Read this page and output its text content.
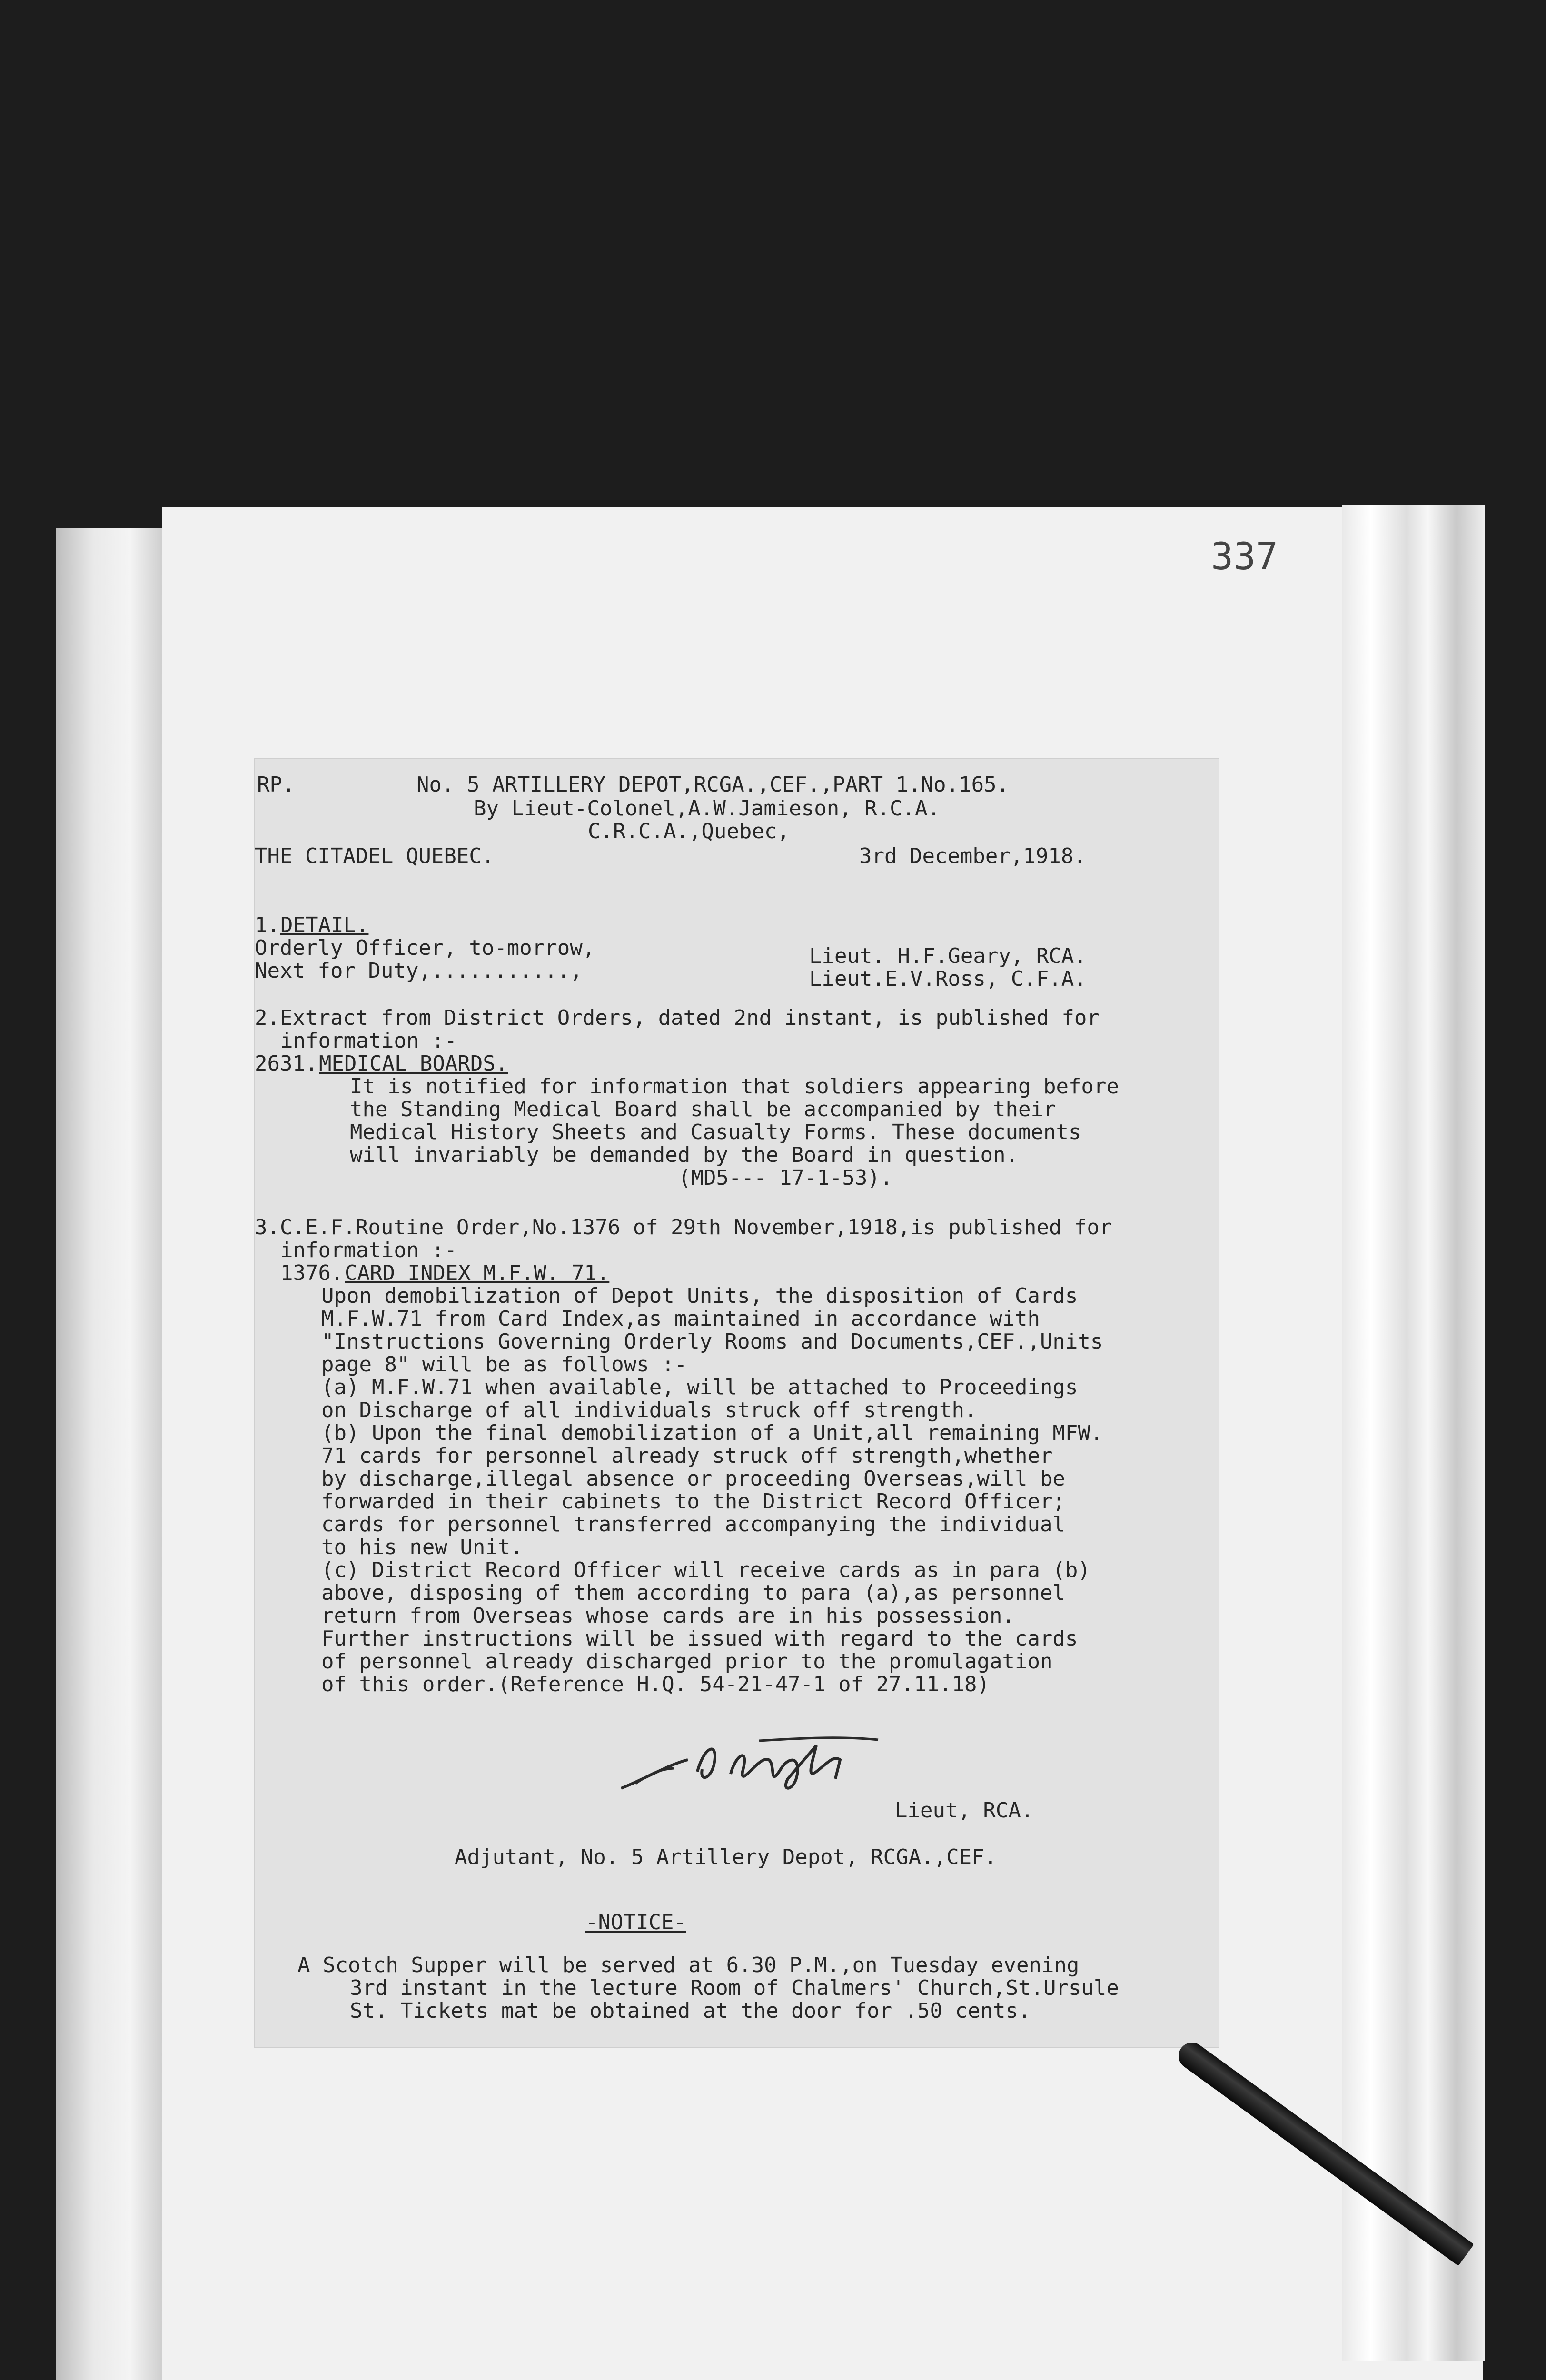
337
RP.	No. 5 ARTILLERY DEPOT,RCGA.,CEF.,PART 1.No.165.
By Lieut-Colonel,A.W.Jamieson, R.C.A.
C.R.C.A.,Quebec,
THE CITADEL QUEBEC.	3rd December,1918.
1. DETAIL.
Orderly Officer, to-morrow,	Lieut. H.F.Geary, RCA.
Next for Duty,...........,	Lieut.E.V.Ross, C.F.A.
2.Extract from District Orders, dated 2nd instant, is published for
information :-
2631. MEDICAL BOARDS.
It is notified for information that soldiers appearing before
the Standing Medical Board shall be accompanied by their
Medical History Sheets and Casualty Forms. These documents
will invariably be demanded by the Board in question.
(MD5--- 17-1-53).
3.C.E.F.Routine Order,No.1376 of 29th November,1918,is published for
information :-
1376. CARD INDEX M.F.W. 71.
Upon demobilization of Depot Units, the disposition of Cards
M.F.W.71 from Card Index,as maintained in accordance with
"Instructions Governing Orderly Rooms and Documents,CEF.,Units
page 8" will be as follows :-
(a) M.F.W.71 when available, will be attached to Proceedings
on Discharge of all individuals struck off strength.
(b) Upon the final demobilization of a Unit,all remaining MFW.
71 cards for personnel already struck off strength,whether
by discharge,illegal absence or proceeding Overseas,will be
forwarded in their cabinets to the District Record Officer;
cards for personnel transferred accompanying the individual
to his new Unit.
(c) District Record Officer will receive cards as in para (b)
above, disposing of them according to para (a),as personnel
return from Overseas whose cards are in his possession.
Further instructions will be issued with regard to the cards
of personnel already discharged prior to the promulagation
of this order.(Reference H.Q. 54-21-47-1 of 27.11.18)
Lieut, RCA.
Adjutant, No. 5 Artillery Depot, RCGA.,CEF.
-NOTICE-
A Scotch Supper will be served at 6.30 P.M.,on Tuesday evening
3rd instant in the lecture Room of Chalmers' Church,St.Ursule
St. Tickets mat be obtained at the door for .50 cents.
